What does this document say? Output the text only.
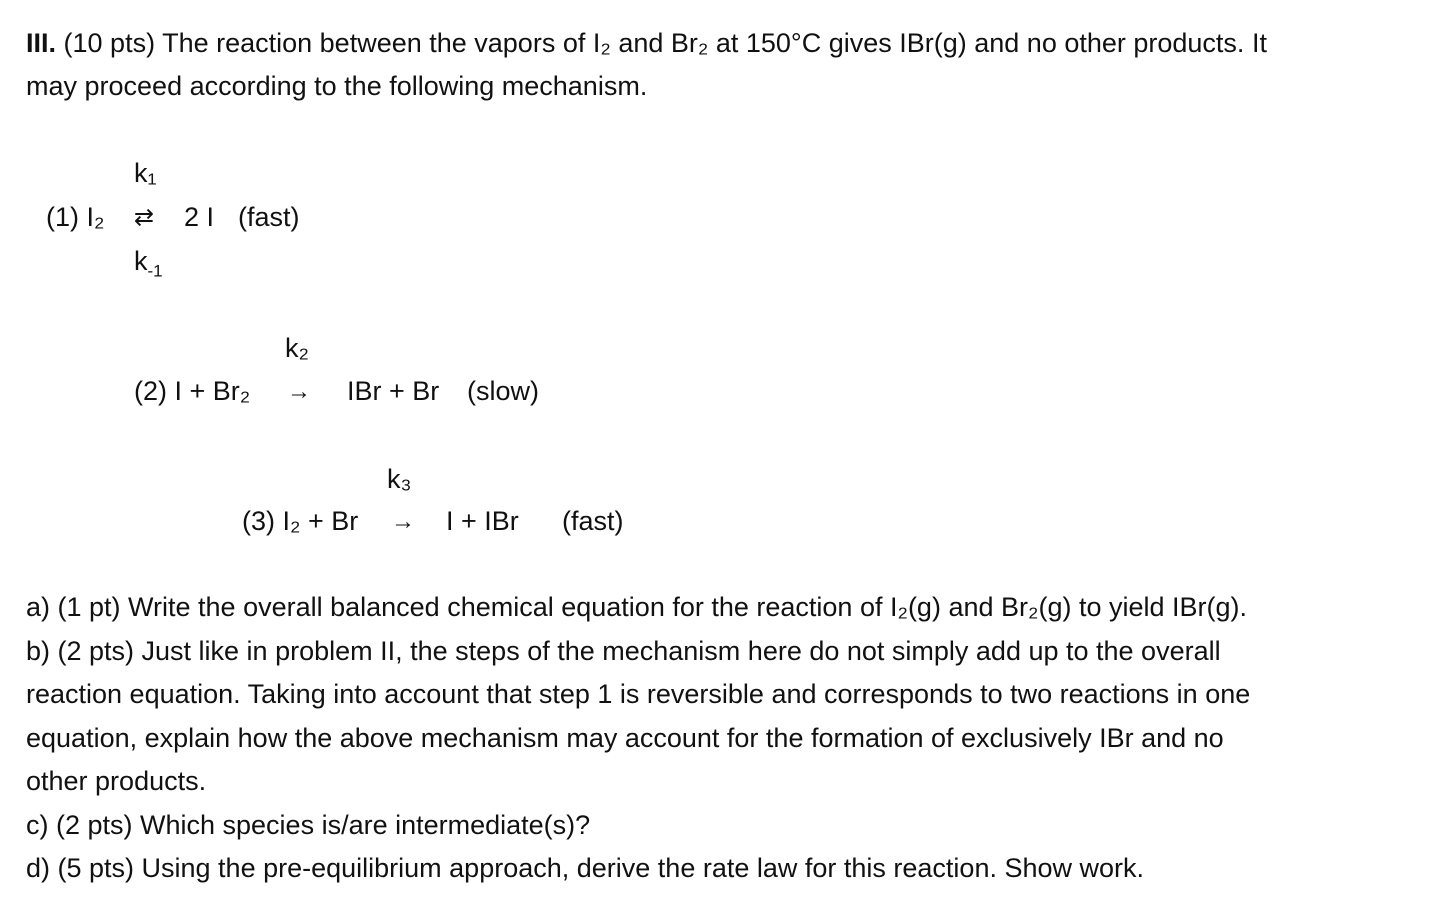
III. (10 pts) The reaction between the vapors of I₂ and Br₂ at 150°C gives IBr(g) and no other products. It
may proceed according to the following mechanism.
k₁
(1) I₂ ⇄ 2 I (fast)
$k_{-1}$
k₂
(2) I + Br₂ → IBr + Br (slow)
k₃
(3) I₂ + Br → I + IBr (fast)
a) (1 pt) Write the overall balanced chemical equation for the reaction of I₂(g) and Br₂(g) to yield IBr(g).
b) (2 pts) Just like in problem II, the steps of the mechanism here do not simply add up to the overall
reaction equation. Taking into account that step 1 is reversible and corresponds to two reactions in one
equation, explain how the above mechanism may account for the formation of exclusively IBr and no
other products.
c) (2 pts) Which species is/are intermediate(s)?
d) (5 pts) Using the pre-equilibrium approach, derive the rate law for this reaction. Show work.
